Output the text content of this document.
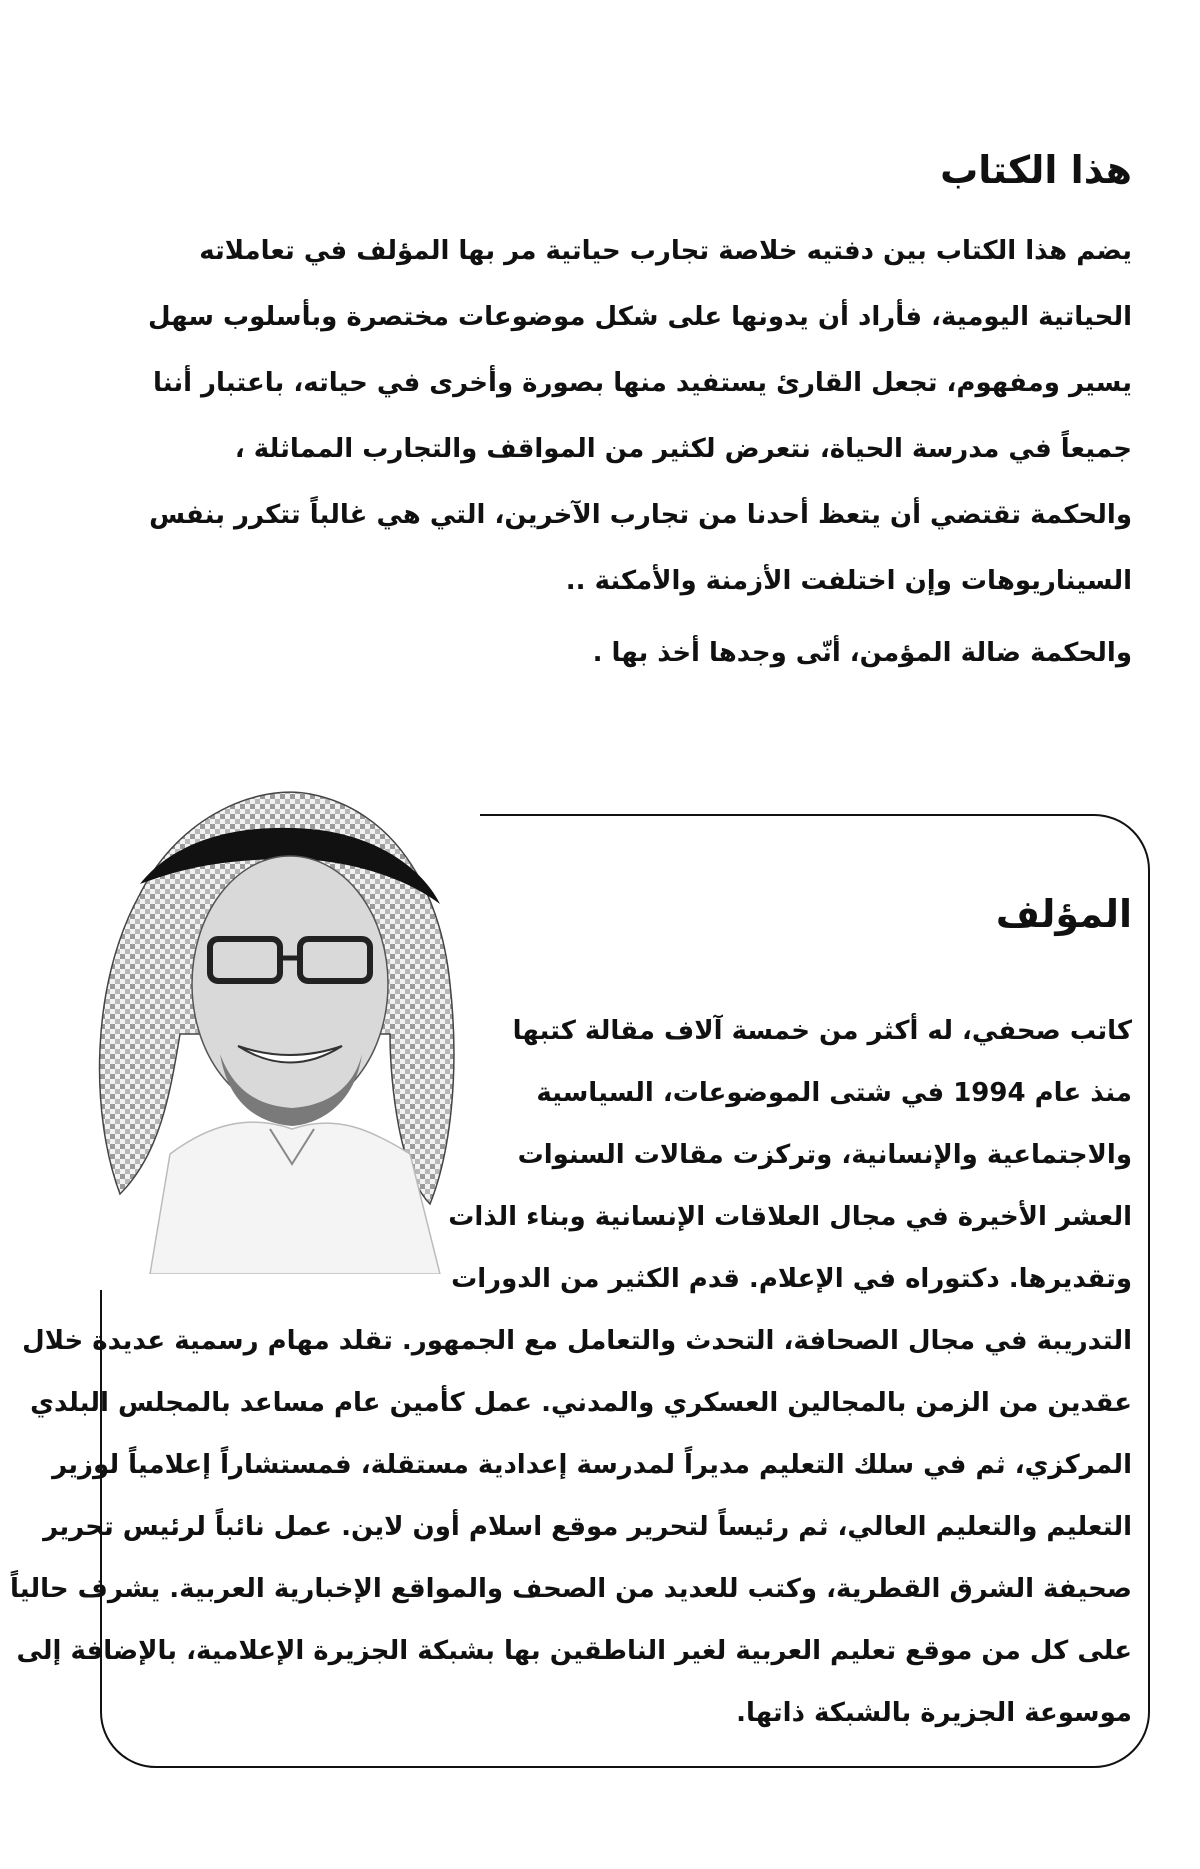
هذا الكتاب

يضم هذا الكتاب بين دفتيه خلاصة تجارب حياتية مر بها المؤلف في تعاملاته
الحياتية اليومية، فأراد أن يدونها على شكل موضوعات مختصرة وبأسلوب سهل
يسير ومفهوم، تجعل القارئ يستفيد منها بصورة وأخرى في حياته، باعتبار أننا
جميعاً في مدرسة الحياة، نتعرض لكثير من المواقف والتجارب المماثلة ،
والحكمة تقتضي أن يتعظ أحدنا من تجارب الآخرين، التي هي غالباً تتكرر بنفس
السيناريوهات وإن اختلفت الأزمنة والأمكنة ..

والحكمة ضالة المؤمن، أنّى وجدها أخذ بها .

المؤلف
كاتب صحفي، له أكثر من خمسة آلاف مقالة كتبها
منذ عام 1994 في شتى الموضوعات، السياسية
والاجتماعية والإنسانية، وتركزت مقالات السنوات
العشر الأخيرة في مجال العلاقات الإنسانية وبناء الذات
وتقديرها. دكتوراه في الإعلام. قدم الكثير من الدورات
التدريبة في مجال الصحافة، التحدث والتعامل مع الجمهور. تقلد مهام رسمية عديدة خلال
عقدين من الزمن بالمجالين العسكري والمدني. عمل كأمين عام مساعد بالمجلس البلدي
المركزي، ثم في سلك التعليم مديراً لمدرسة إعدادية مستقلة، فمستشاراً إعلامياً لوزير
التعليم والتعليم العالي، ثم رئيساً لتحرير موقع اسلام أون لاين. عمل نائباً لرئيس تحرير
صحيفة الشرق القطرية، وكتب للعديد من الصحف والمواقع الإخبارية العربية. يشرف حالياً
على كل من موقع تعليم العربية لغير الناطقين بها بشبكة الجزيرة الإعلامية، بالإضافة إلى
موسوعة الجزيرة بالشبكة ذاتها.
